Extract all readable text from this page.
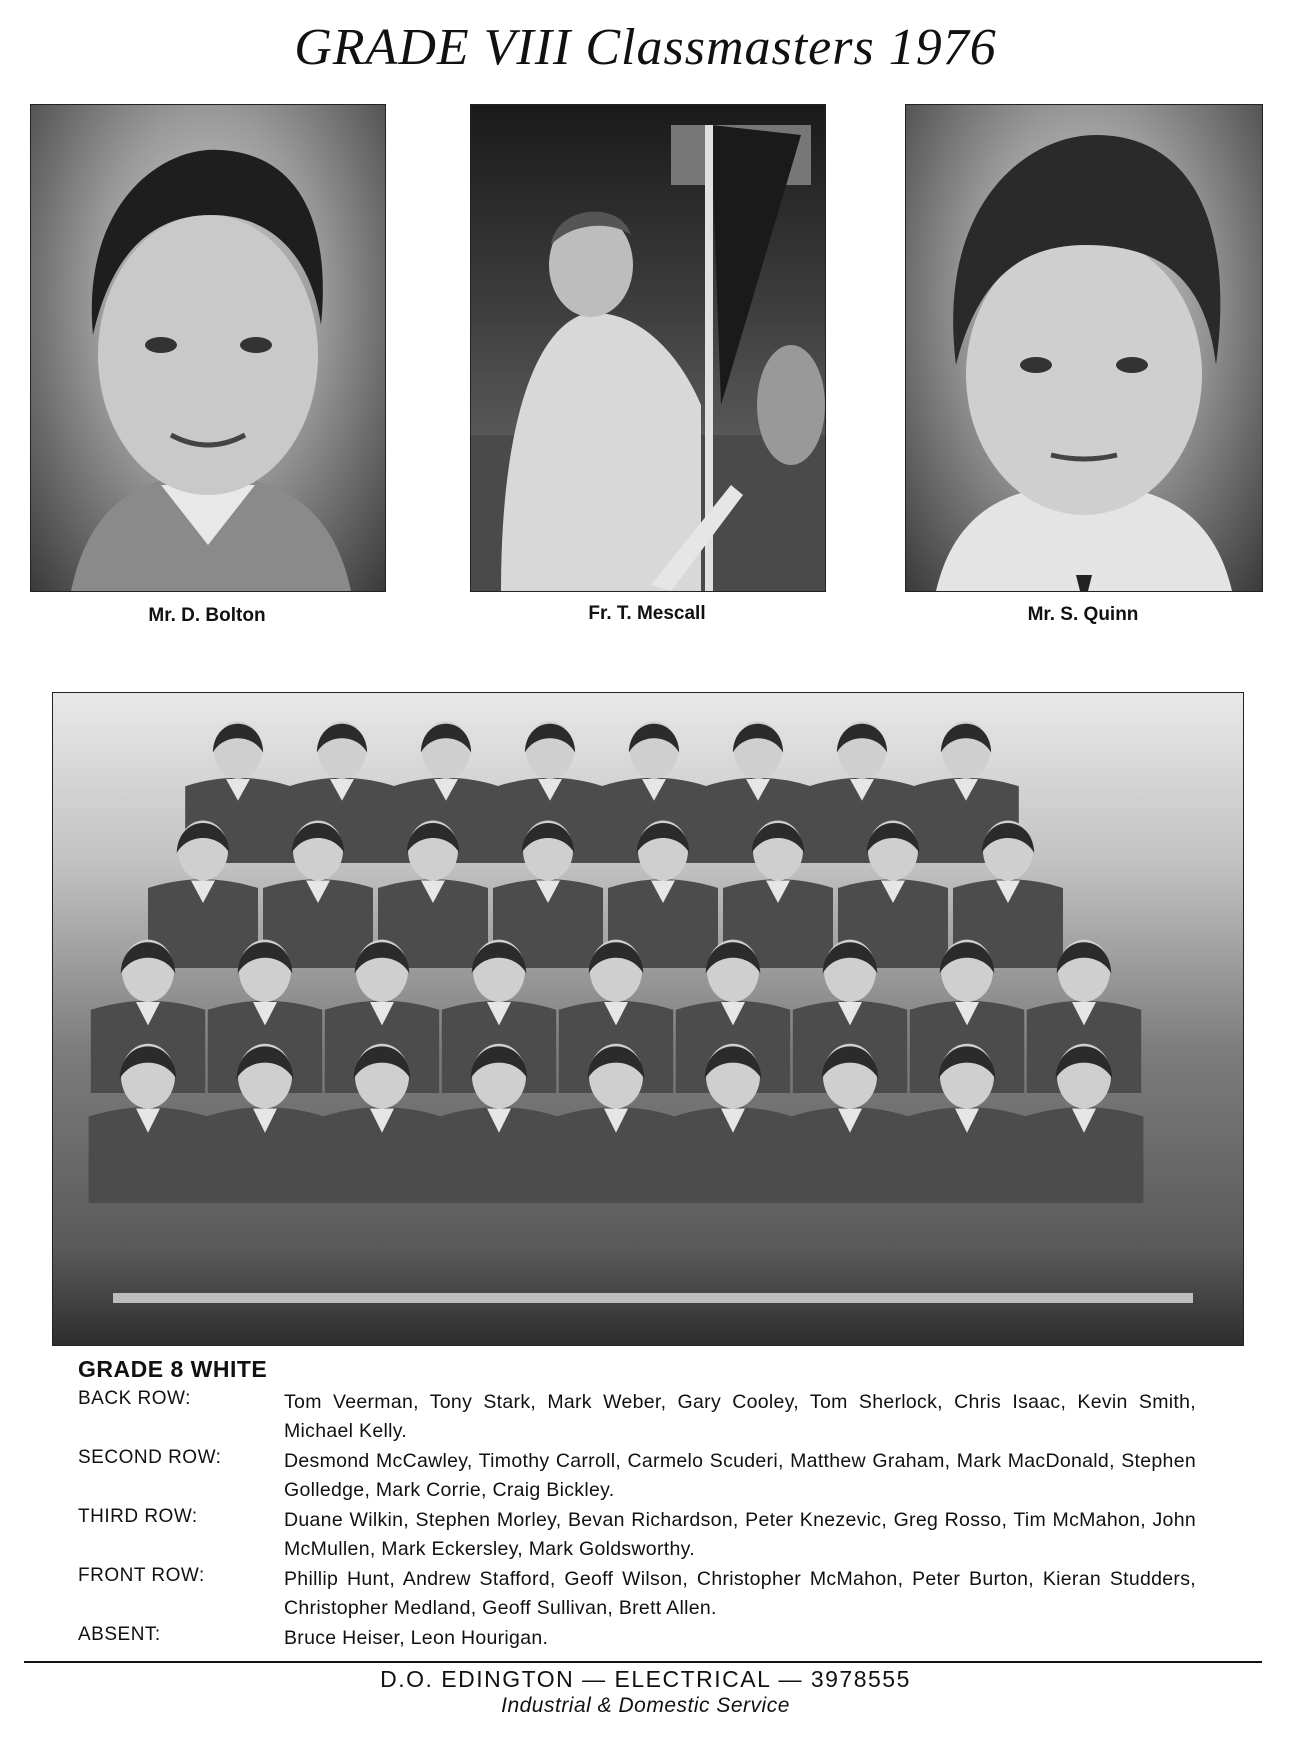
GRADE VIII Classmasters 1976
Mr. D. Bolton	Fr. T. Mescall	Mr. S. Quinn
GRADE 8 WHITE
BACK ROW:	Tom Veerman, Tony Stark, Mark Weber, Gary Cooley, Tom Sherlock, Chris Isaac, Kevin Smith, Michael Kelly.
SECOND ROW:	Desmond McCawley, Timothy Carroll, Carmelo Scuderi, Matthew Graham, Mark MacDonald, Stephen Golledge, Mark Corrie, Craig Bickley.
THIRD ROW:	Duane Wilkin, Stephen Morley, Bevan Richardson, Peter Knezevic, Greg Rosso, Tim McMahon, John McMullen, Mark Eckersley, Mark Goldsworthy.
FRONT ROW:	Phillip Hunt, Andrew Stafford, Geoff Wilson, Christopher McMahon, Peter Burton, Kieran Studders, Christopher Medland, Geoff Sullivan, Brett Allen.
ABSENT:	Bruce Heiser, Leon Hourigan.
D.O. EDINGTON — ELECTRICAL — 3978555
Industrial & Domestic Service
